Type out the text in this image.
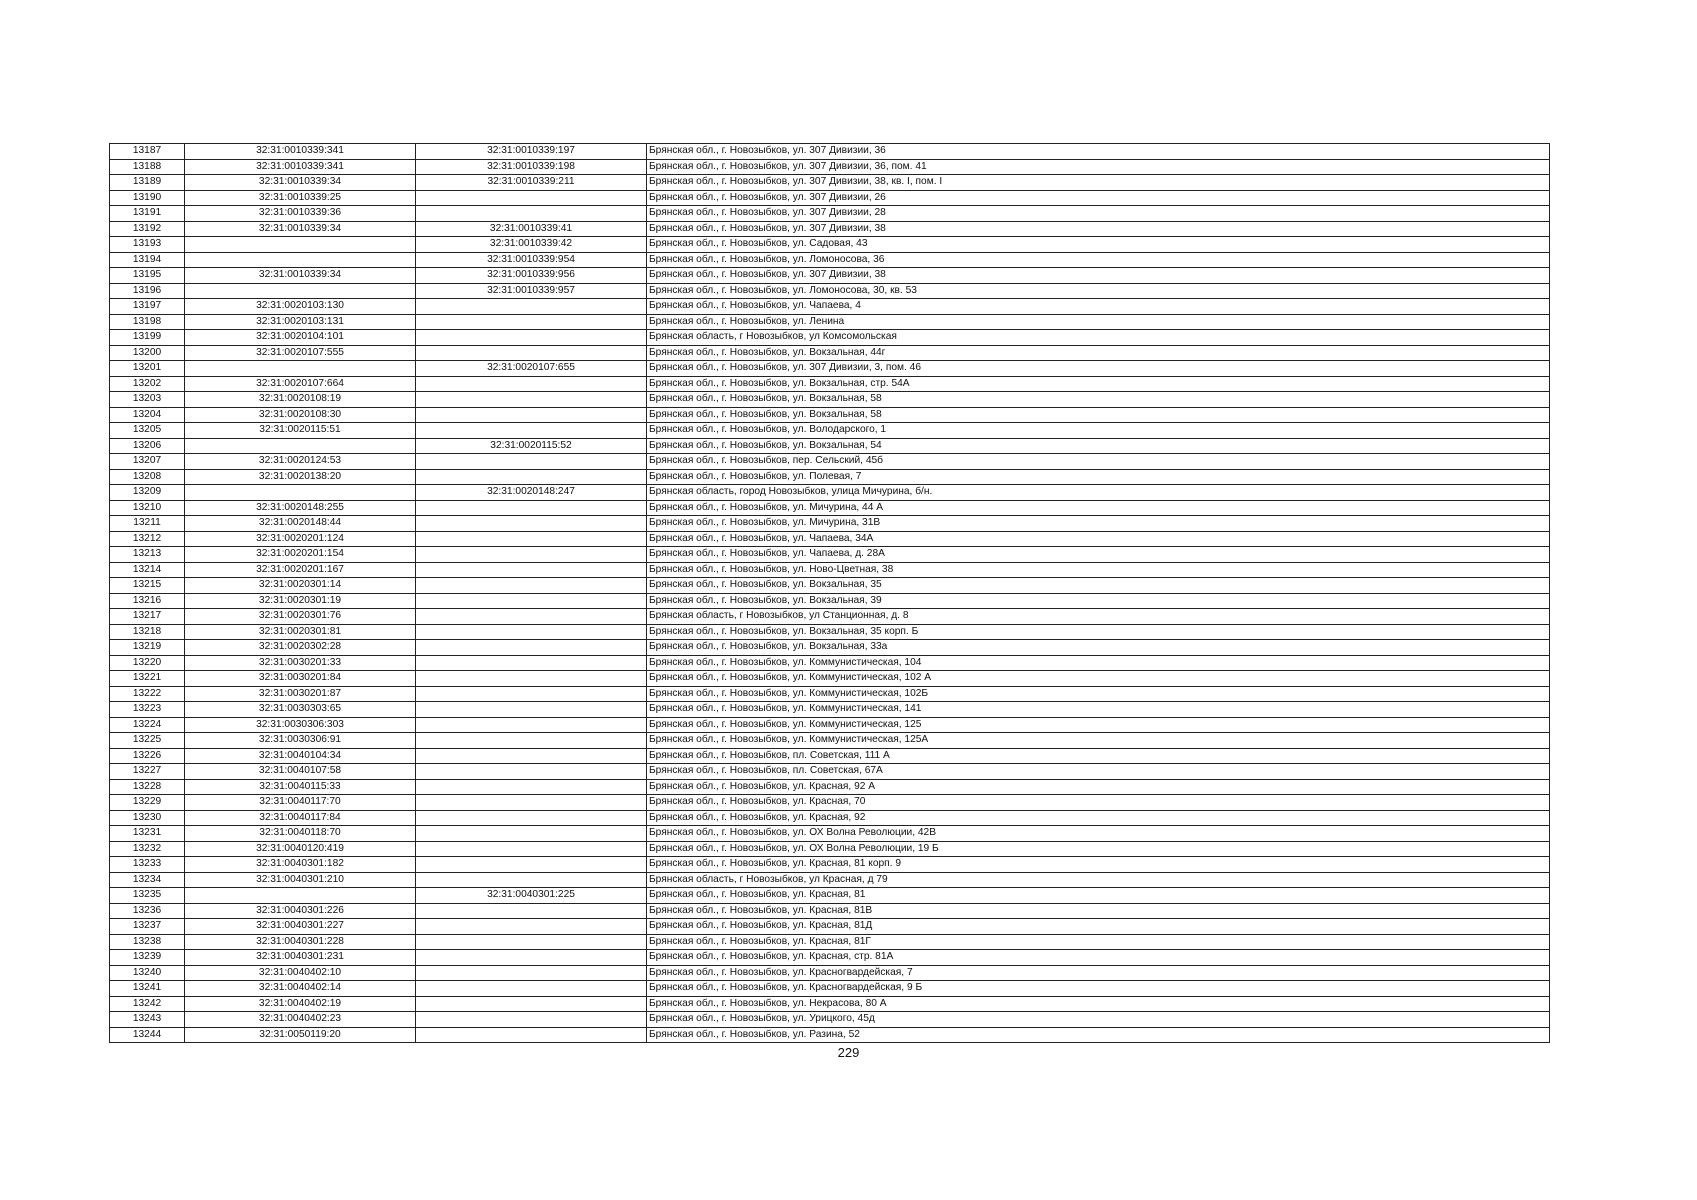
13187	32:31:0010339:341	32:31:0010339:197	Брянская обл., г. Новозыбков, ул. 307 Дивизии, 36
13188	32:31:0010339:341	32:31:0010339:198	Брянская обл., г. Новозыбков, ул. 307 Дивизии, 36, пом. 41
13189	32:31:0010339:34	32:31:0010339:211	Брянская обл., г. Новозыбков, ул. 307 Дивизии, 38, кв. I, пом. I
13190	32:31:0010339:25		Брянская обл., г. Новозыбков, ул. 307 Дивизии, 26
13191	32:31:0010339:36		Брянская обл., г. Новозыбков, ул. 307 Дивизии, 28
13192	32:31:0010339:34	32:31:0010339:41	Брянская обл., г. Новозыбков, ул. 307 Дивизии, 38
13193		32:31:0010339:42	Брянская обл., г. Новозыбков, ул. Садовая, 43
13194		32:31:0010339:954	Брянская обл., г. Новозыбков, ул. Ломоносова, 36
13195	32:31:0010339:34	32:31:0010339:956	Брянская обл., г. Новозыбков, ул. 307 Дивизии, 38
13196		32:31:0010339:957	Брянская обл., г. Новозыбков, ул. Ломоносова, 30, кв. 53
13197	32:31:0020103:130		Брянская обл., г. Новозыбков, ул. Чапаева, 4
13198	32:31:0020103:131		Брянская обл., г. Новозыбков, ул. Ленина
13199	32:31:0020104:101		Брянская область, г Новозыбков, ул Комсомольская
13200	32:31:0020107:555		Брянская обл., г. Новозыбков, ул. Вокзальная, 44г
13201		32:31:0020107:655	Брянская обл., г. Новозыбков, ул. 307 Дивизии, 3, пом. 46
13202	32:31:0020107:664		Брянская обл., г. Новозыбков, ул. Вокзальная, стр. 54А
13203	32:31:0020108:19		Брянская обл., г. Новозыбков, ул. Вокзальная, 58
13204	32:31:0020108:30		Брянская обл., г. Новозыбков, ул. Вокзальная, 58
13205	32:31:0020115:51		Брянская обл., г. Новозыбков, ул. Володарского, 1
13206		32:31:0020115:52	Брянская обл., г. Новозыбков, ул. Вокзальная, 54
13207	32:31:0020124:53		Брянская обл., г. Новозыбков, пер. Сельский, 45б
13208	32:31:0020138:20		Брянская обл., г. Новозыбков, ул. Полевая, 7
13209		32:31:0020148:247	Брянская область, город Новозыбков, улица Мичурина, б/н.
13210	32:31:0020148:255		Брянская обл., г. Новозыбков, ул. Мичурина, 44 А
13211	32:31:0020148:44		Брянская обл., г. Новозыбков, ул. Мичурина, 31В
13212	32:31:0020201:124		Брянская обл., г. Новозыбков, ул. Чапаева, 34А
13213	32:31:0020201:154		Брянская обл., г. Новозыбков, ул. Чапаева, д. 28А
13214	32:31:0020201:167		Брянская обл., г. Новозыбков, ул. Ново-Цветная, 38
13215	32:31:0020301:14		Брянская обл., г. Новозыбков, ул. Вокзальная, 35
13216	32:31:0020301:19		Брянская обл., г. Новозыбков, ул. Вокзальная, 39
13217	32:31:0020301:76		Брянская область, г Новозыбков, ул Станционная, д. 8
13218	32:31:0020301:81		Брянская обл., г. Новозыбков, ул. Вокзальная, 35 корп. Б
13219	32:31:0020302:28		Брянская обл., г. Новозыбков, ул. Вокзальная, 33а
13220	32:31:0030201:33		Брянская обл., г. Новозыбков, ул. Коммунистическая, 104
13221	32:31:0030201:84		Брянская обл., г. Новозыбков, ул. Коммунистическая, 102 А
13222	32:31:0030201:87		Брянская обл., г. Новозыбков, ул. Коммунистическая, 102Б
13223	32:31:0030303:65		Брянская обл., г. Новозыбков, ул. Коммунистическая, 141
13224	32:31:0030306:303		Брянская обл., г. Новозыбков, ул. Коммунистическая, 125
13225	32:31:0030306:91		Брянская обл., г. Новозыбков, ул. Коммунистическая, 125А
13226	32:31:0040104:34		Брянская обл., г. Новозыбков, пл. Советская, 111 А
13227	32:31:0040107:58		Брянская обл., г. Новозыбков, пл. Советская, 67А
13228	32:31:0040115:33		Брянская обл., г. Новозыбков, ул. Красная, 92 А
13229	32:31:0040117:70		Брянская обл., г. Новозыбков, ул. Красная, 70
13230	32:31:0040117:84		Брянская обл., г. Новозыбков, ул. Красная, 92
13231	32:31:0040118:70		Брянская обл., г. Новозыбков, ул. ОХ Волна Революции, 42В
13232	32:31:0040120:419		Брянская обл., г. Новозыбков, ул. ОХ Волна Революции, 19 Б
13233	32:31:0040301:182		Брянская обл., г. Новозыбков, ул. Красная, 81 корп. 9
13234	32:31:0040301:210		Брянская область, г Новозыбков, ул Красная, д 79
13235		32:31:0040301:225	Брянская обл., г. Новозыбков, ул. Красная, 81
13236	32:31:0040301:226		Брянская обл., г. Новозыбков, ул. Красная, 81В
13237	32:31:0040301:227		Брянская обл., г. Новозыбков, ул. Красная, 81Д
13238	32:31:0040301:228		Брянская обл., г. Новозыбков, ул. Красная, 81Г
13239	32:31:0040301:231		Брянская обл., г. Новозыбков, ул. Красная, стр. 81А
13240	32:31:0040402:10		Брянская обл., г. Новозыбков, ул. Красногвардейская, 7
13241	32:31:0040402:14		Брянская обл., г. Новозыбков, ул. Красногвардейская, 9 Б
13242	32:31:0040402:19		Брянская обл., г. Новозыбков, ул. Некрасова, 80 А
13243	32:31:0040402:23		Брянская обл., г. Новозыбков, ул. Урицкого, 45д
13244	32:31:0050119:20		Брянская обл., г. Новозыбков, ул. Разина, 52
229
